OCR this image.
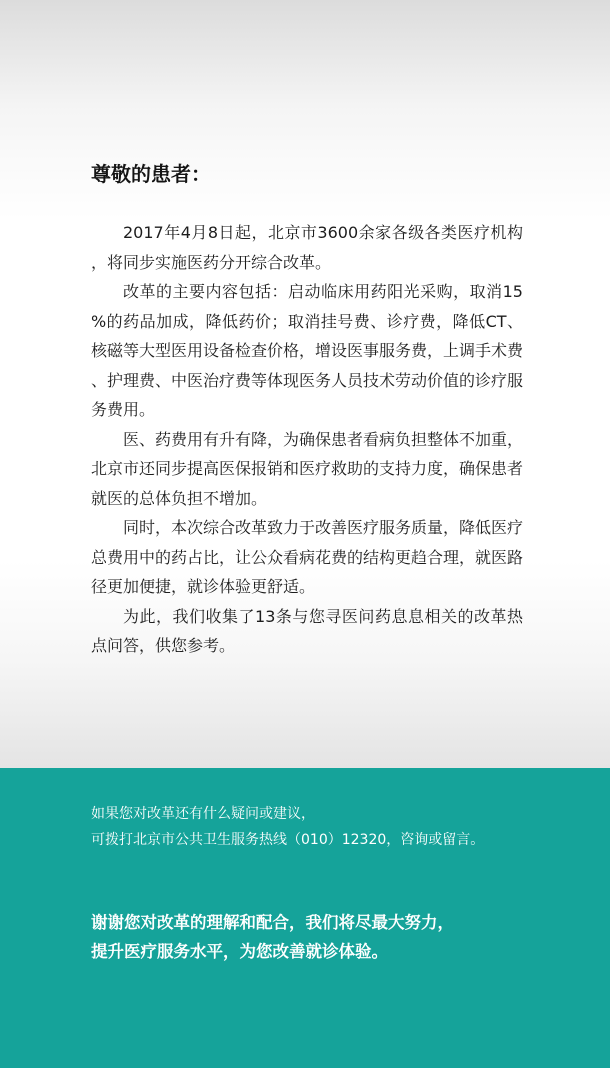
尊敬的患者：

2017年4月8日起，北京市3600余家各级各类医疗机构，将同步实施医药分开综合改革。

改革的主要内容包括：启动临床用药阳光采购，取消15%的药品加成，降低药价；取消挂号费、诊疗费，降低CT、核磁等大型医用设备检查价格，增设医事服务费，上调手术费、护理费、中医治疗费等体现医务人员技术劳动价值的诊疗服务费用。

医、药费用有升有降，为确保患者看病负担整体不加重，北京市还同步提高医保报销和医疗救助的支持力度，确保患者就医的总体负担不增加。

同时，本次综合改革致力于改善医疗服务质量，降低医疗总费用中的药占比，让公众看病花费的结构更趋合理，就医路径更加便捷，就诊体验更舒适。

为此，我们收集了13条与您寻医问药息息相关的改革热点问答，供您参考。

如果您对改革还有什么疑问或建议，
可拨打北京市公共卫生服务热线（010）12320，咨询或留言。
谢谢您对改革的理解和配合，我们将尽最大努力，
提升医疗服务水平，为您改善就诊体验。
